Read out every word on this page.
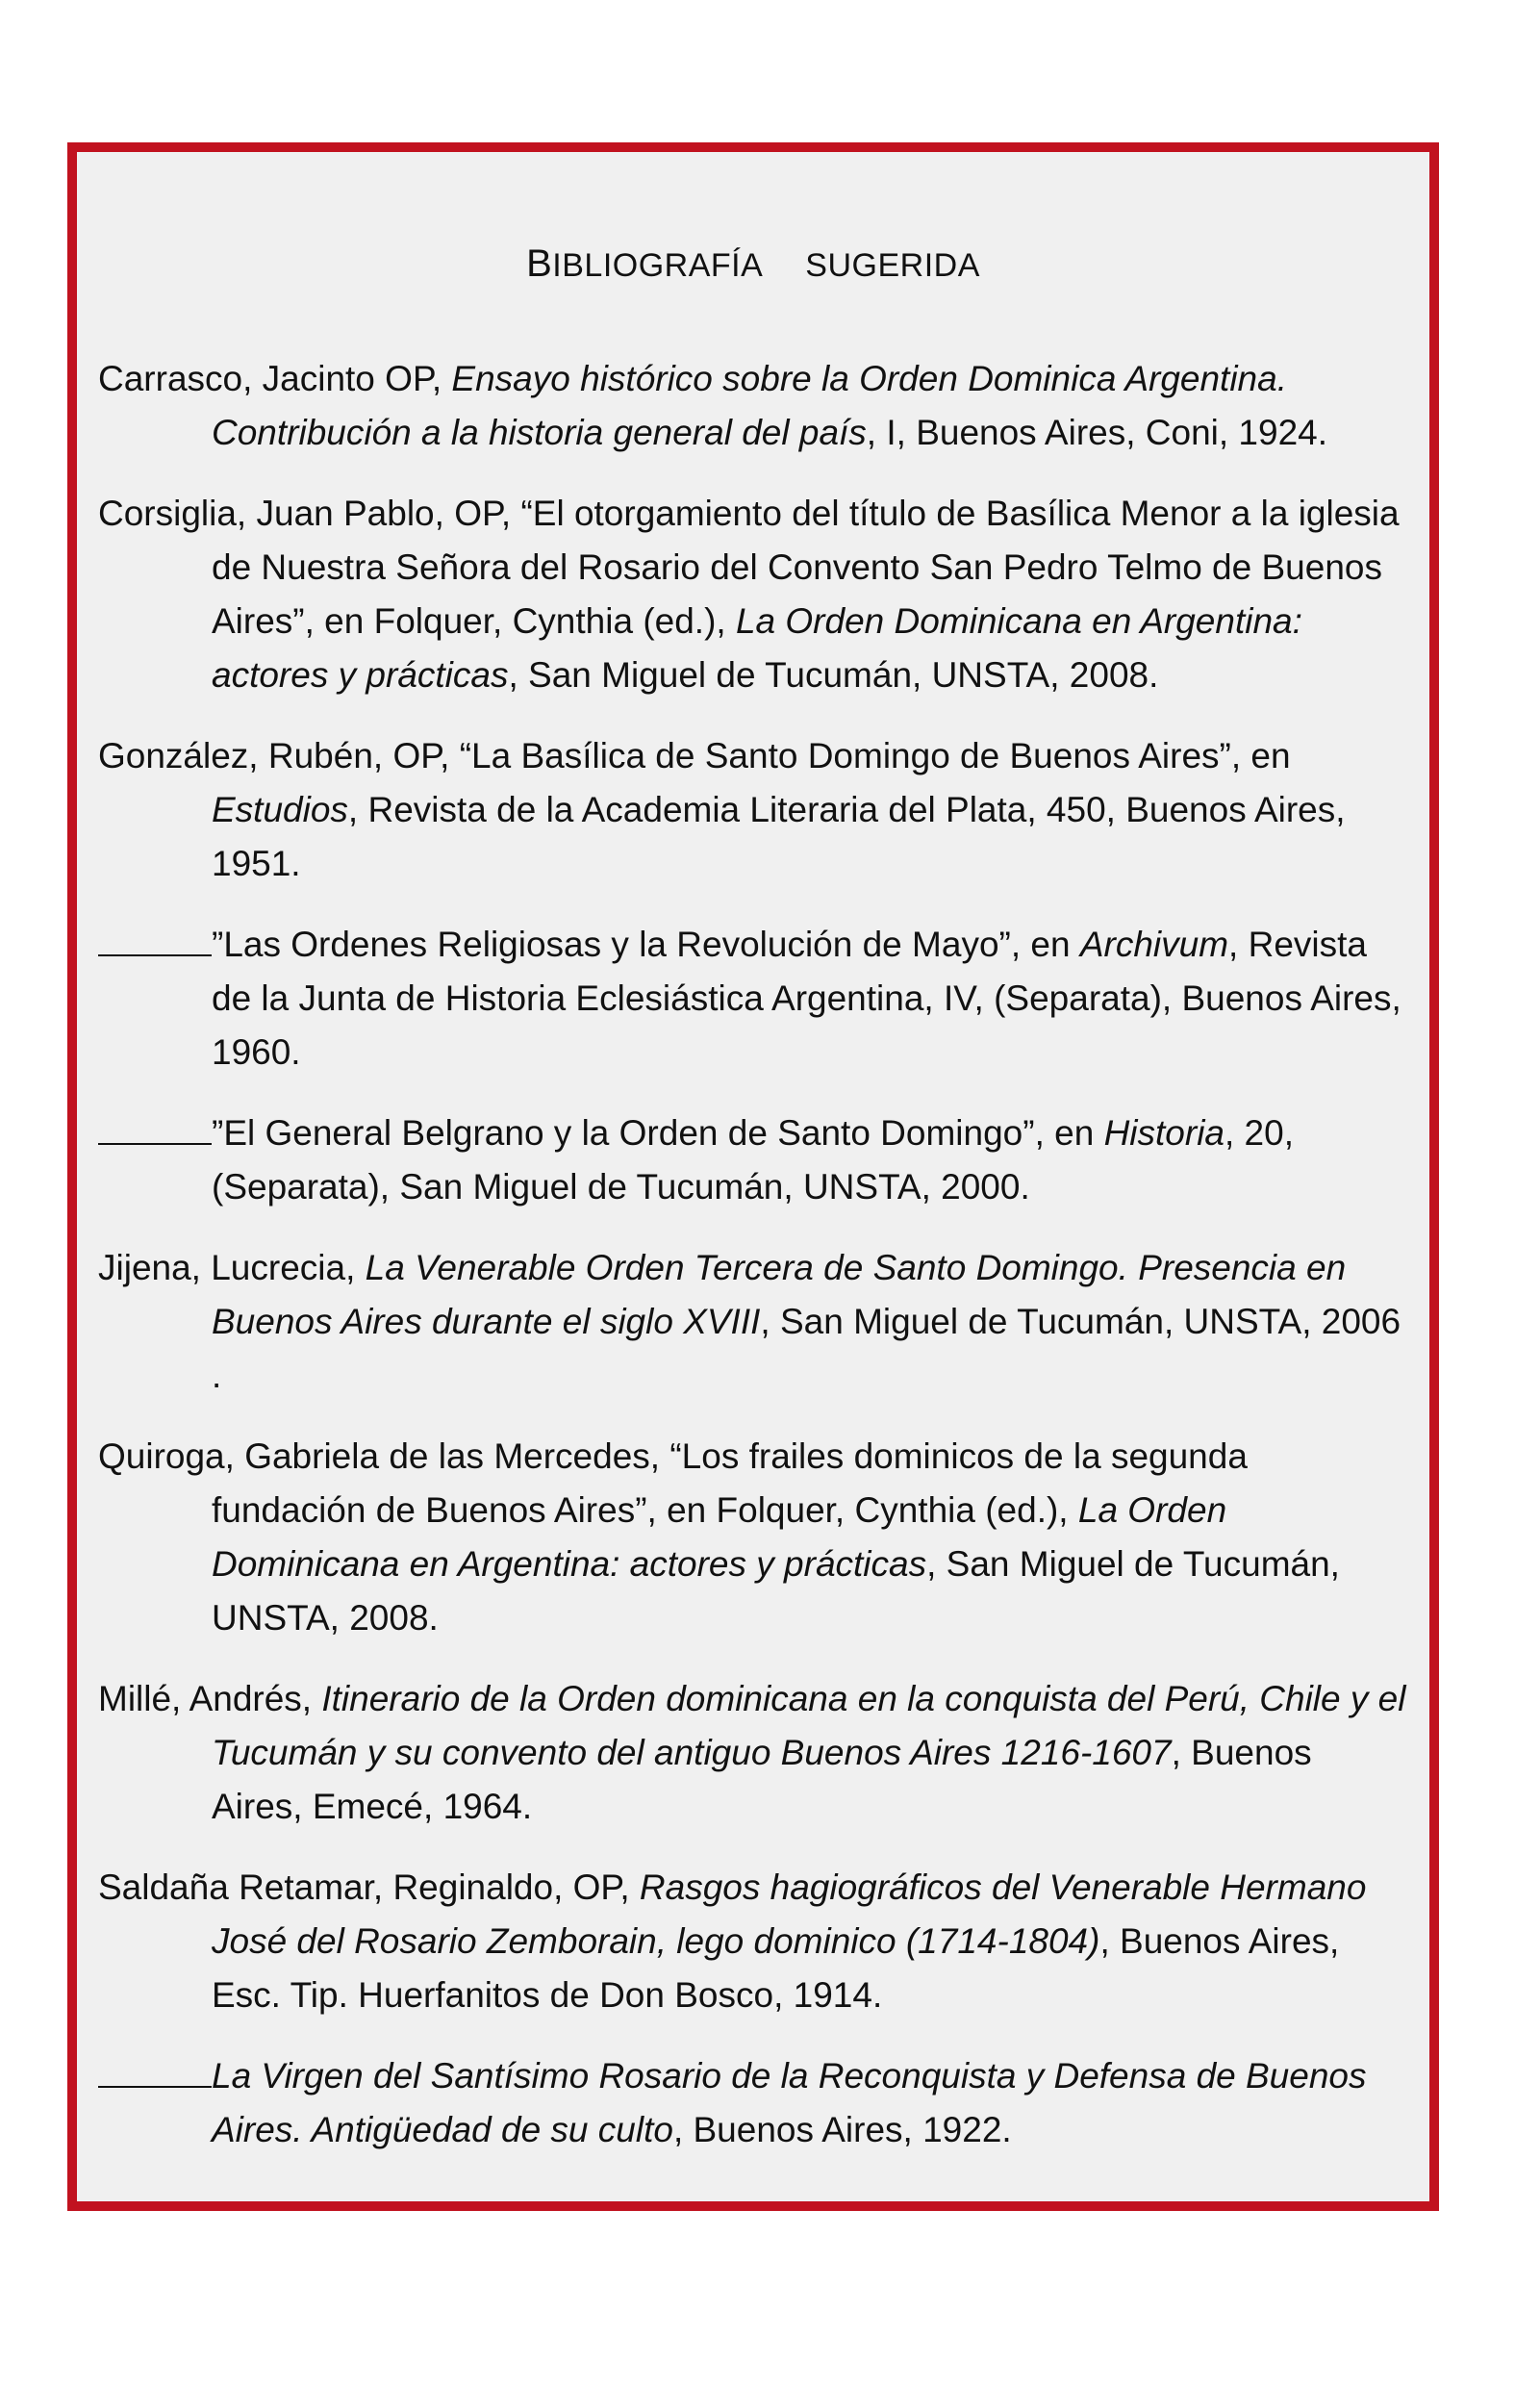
BIBLIOGRAFÍA SUGERIDA

Carrasco, Jacinto OP, Ensayo histórico sobre la Orden Dominica Argentina. Contribución a la historia general del país, I, Buenos Aires, Coni, 1924.

Corsiglia, Juan Pablo, OP, “El otorgamiento del título de Basílica Menor a la iglesia de Nuestra Señora del Rosario del Convento San Pedro Telmo de Buenos Aires”, en Folquer, Cynthia (ed.), La Orden Dominicana en Argentina: actores y prácticas, San Miguel de Tucumán, UNSTA, 2008.

González, Rubén, OP, “La Basílica de Santo Domingo de Buenos Aires”, en Estudios, Revista de la Academia Literaria del Plata, 450, Buenos Aires, 1951.

”Las Ordenes Religiosas y la Revolución de Mayo”, en Archivum, Revista de la Junta de Historia Eclesiástica Argentina, IV, (Separata), Buenos Aires, 1960.

”El General Belgrano y la Orden de Santo Domingo”, en Historia, 20, (Separata), San Miguel de Tucumán, UNSTA, 2000.

Jijena, Lucrecia, La Venerable Orden Tercera de Santo Domingo. Presencia en Buenos Aires durante el siglo XVIII, San Miguel de Tucumán, UNSTA, 2006 .

Quiroga, Gabriela de las Mercedes, “Los frailes dominicos de la segunda fundación de Buenos Aires”, en Folquer, Cynthia (ed.), La Orden Dominicana en Argentina: actores y prácticas, San Miguel de Tucumán, UNSTA, 2008.

Millé, Andrés, Itinerario de la Orden dominicana en la conquista del Perú, Chile y el Tucumán y su convento del antiguo Buenos Aires 1216-1607, Buenos Aires, Emecé, 1964.

Saldaña Retamar, Reginaldo, OP, Rasgos hagiográficos del Venerable Hermano José del Rosario Zemborain, lego dominico (1714-1804), Buenos Aires, Esc. Tip. Huerfanitos de Don Bosco, 1914.

La Virgen del Santísimo Rosario de la Reconquista y Defensa de Buenos Aires. Antigüedad de su culto, Buenos Aires, 1922.
